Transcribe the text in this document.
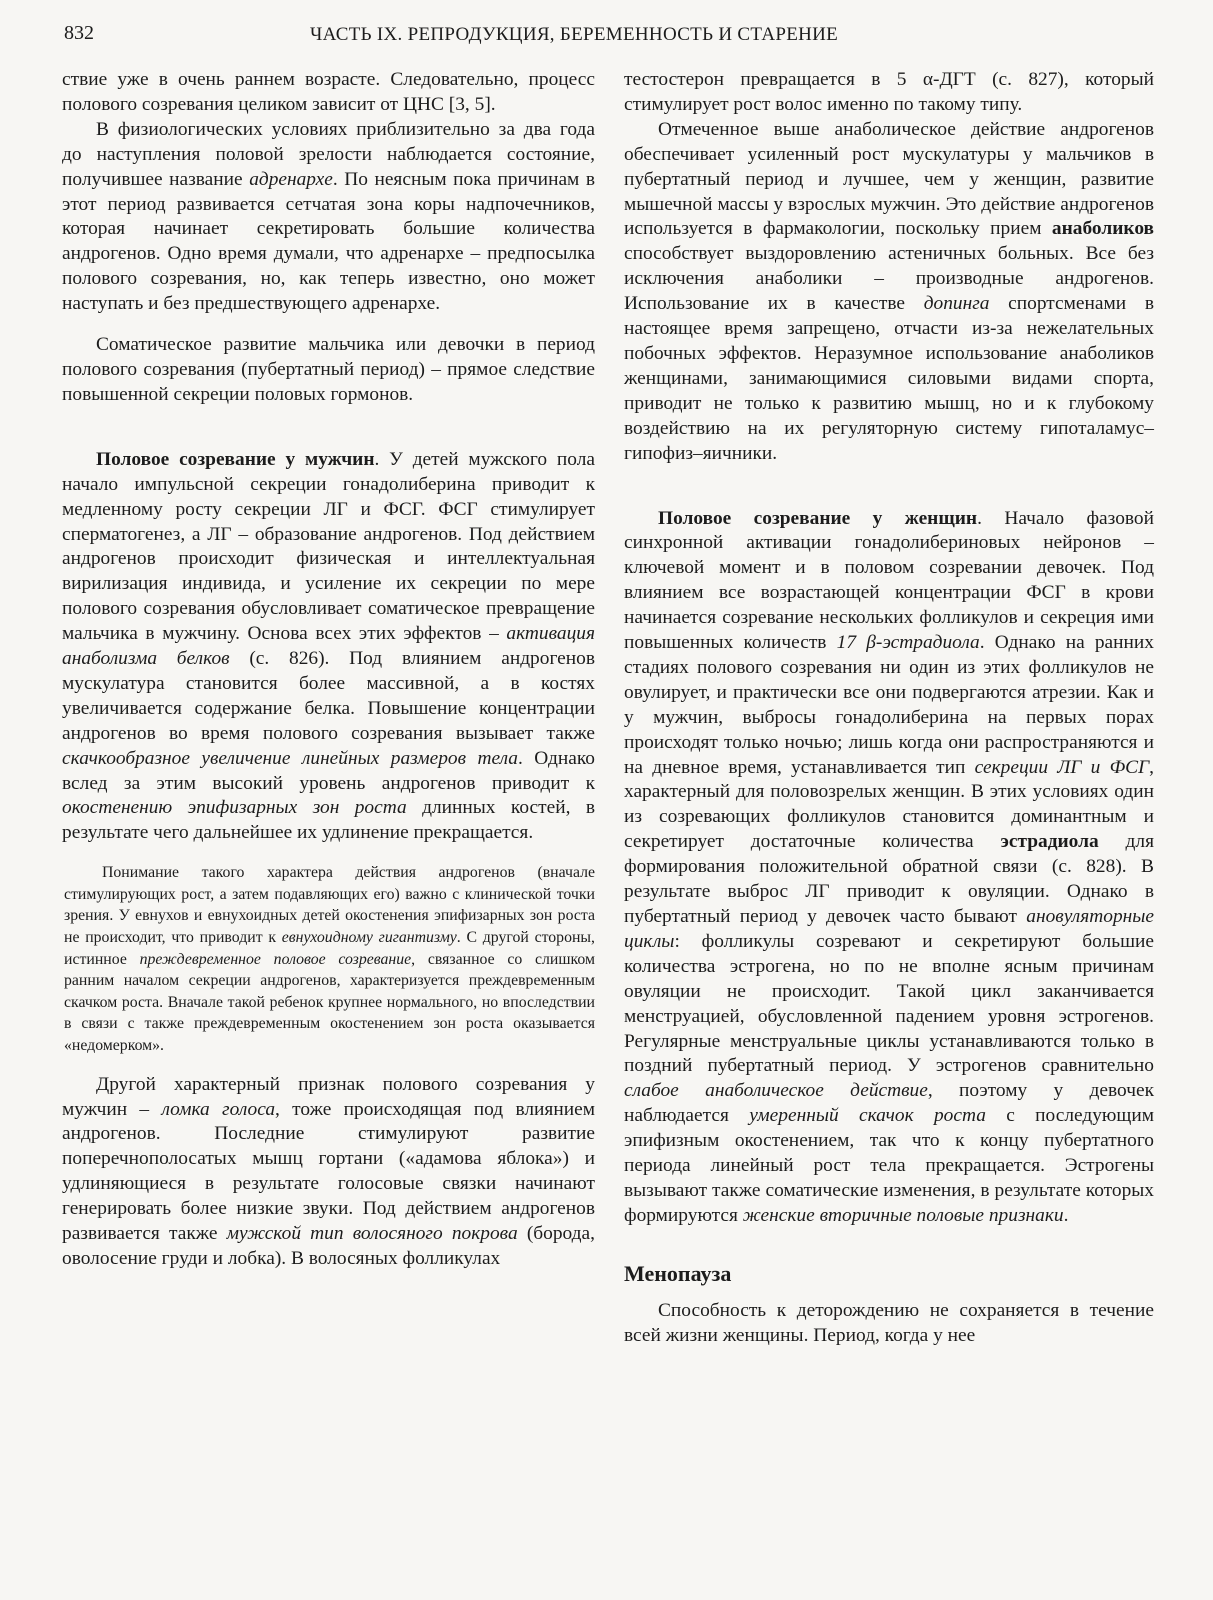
832	ЧАСТЬ IX. РЕПРОДУКЦИЯ, БЕРЕМЕННОСТЬ И СТАРЕНИЕ

ствие уже в очень раннем возрасте. Следовательно, процесс полового созревания целиком зависит от ЦНС [3, 5].

В физиологических условиях приблизительно за два года до наступления половой зрелости наблюдается состояние, получившее название адренархе. По неясным пока причинам в этот период развивается сетчатая зона коры надпочечников, которая начинает секретировать большие количества андрогенов. Одно время думали, что адренархе – предпосылка полового созревания, но, как теперь известно, оно может наступать и без предшествующего адренархе.

Соматическое развитие мальчика или девочки в период полового созревания (пубертатный период) – прямое следствие повышенной секреции половых гормонов.

Половое созревание у мужчин. У детей мужского пола начало импульсной секреции гонадолиберина приводит к медленному росту секреции ЛГ и ФСГ. ФСГ стимулирует сперматогенез, а ЛГ – образование андрогенов. Под действием андрогенов происходит физическая и интеллектуальная вирилизация индивида, и усиление их секреции по мере полового созревания обусловливает соматическое превращение мальчика в мужчину. Основа всех этих эффектов – активация анаболизма белков (с. 826). Под влиянием андрогенов мускулатура становится более массивной, а в костях увеличивается содержание белка. Повышение концентрации андрогенов во время полового созревания вызывает также скачкообразное увеличение линейных размеров тела. Однако вслед за этим высокий уровень андрогенов приводит к окостенению эпифизарных зон роста длинных костей, в результате чего дальнейшее их удлинение прекращается.

Понимание такого характера действия андрогенов (вначале стимулирующих рост, а затем подавляющих его) важно с клинической точки зрения. У евнухов и евнухоидных детей окостенения эпифизарных зон роста не происходит, что приводит к евнухоидному гигантизму. С другой стороны, истинное преждевременное половое созревание, связанное со слишком ранним началом секреции андрогенов, характеризуется преждевременным скачком роста. Вначале такой ребенок крупнее нормального, но впоследствии в связи с также преждевременным окостенением зон роста оказывается «недомерком».

Другой характерный признак полового созревания у мужчин – ломка голоса, тоже происходящая под влиянием андрогенов. Последние стимулируют развитие поперечнополосатых мышц гортани («адамова яблока») и удлиняющиеся в результате голосовые связки начинают генерировать более низкие звуки. Под действием андрогенов развивается также мужской тип волосяного покрова (борода, оволосение груди и лобка). В волосяных фолликулах

тестостерон превращается в 5 α-ДГТ (с. 827), который стимулирует рост волос именно по такому типу.

Отмеченное выше анаболическое действие андрогенов обеспечивает усиленный рост мускулатуры у мальчиков в пубертатный период и лучшее, чем у женщин, развитие мышечной массы у взрослых мужчин. Это действие андрогенов используется в фармакологии, поскольку прием анаболиков способствует выздоровлению астеничных больных. Все без исключения анаболики – производные андрогенов. Использование их в качестве допинга спортсменами в настоящее время запрещено, отчасти из-за нежелательных побочных эффектов. Неразумное использование анаболиков женщинами, занимающимися силовыми видами спорта, приводит не только к развитию мышц, но и к глубокому воздействию на их регуляторную систему гипоталамус–гипофиз–яичники.

Половое созревание у женщин. Начало фазовой синхронной активации гонадолибериновых нейронов – ключевой момент и в половом созревании девочек. Под влиянием все возрастающей концентрации ФСГ в крови начинается созревание нескольких фолликулов и секреция ими повышенных количеств 17 β-эстрадиола. Однако на ранних стадиях полового созревания ни один из этих фолликулов не овулирует, и практически все они подвергаются атрезии. Как и у мужчин, выбросы гонадолиберина на первых порах происходят только ночью; лишь когда они распространяются и на дневное время, устанавливается тип секреции ЛГ и ФСГ, характерный для половозрелых женщин. В этих условиях один из созревающих фолликулов становится доминантным и секретирует достаточные количества эстрадиола для формирования положительной обратной связи (с. 828). В результате выброс ЛГ приводит к овуляции. Однако в пубертатный период у девочек часто бывают ановуляторные циклы: фолликулы созревают и секретируют большие количества эстрогена, но по не вполне ясным причинам овуляции не происходит. Такой цикл заканчивается менструацией, обусловленной падением уровня эстрогенов. Регулярные менструальные циклы устанавливаются только в поздний пубертатный период. У эстрогенов сравнительно слабое анаболическое действие, поэтому у девочек наблюдается умеренный скачок роста с последующим эпифизным окостенением, так что к концу пубертатного периода линейный рост тела прекращается. Эстрогены вызывают также соматические изменения, в результате которых формируются женские вторичные половые признаки.

Менопауза

Способность к деторождению не сохраняется в течение всей жизни женщины. Период, когда у нее
